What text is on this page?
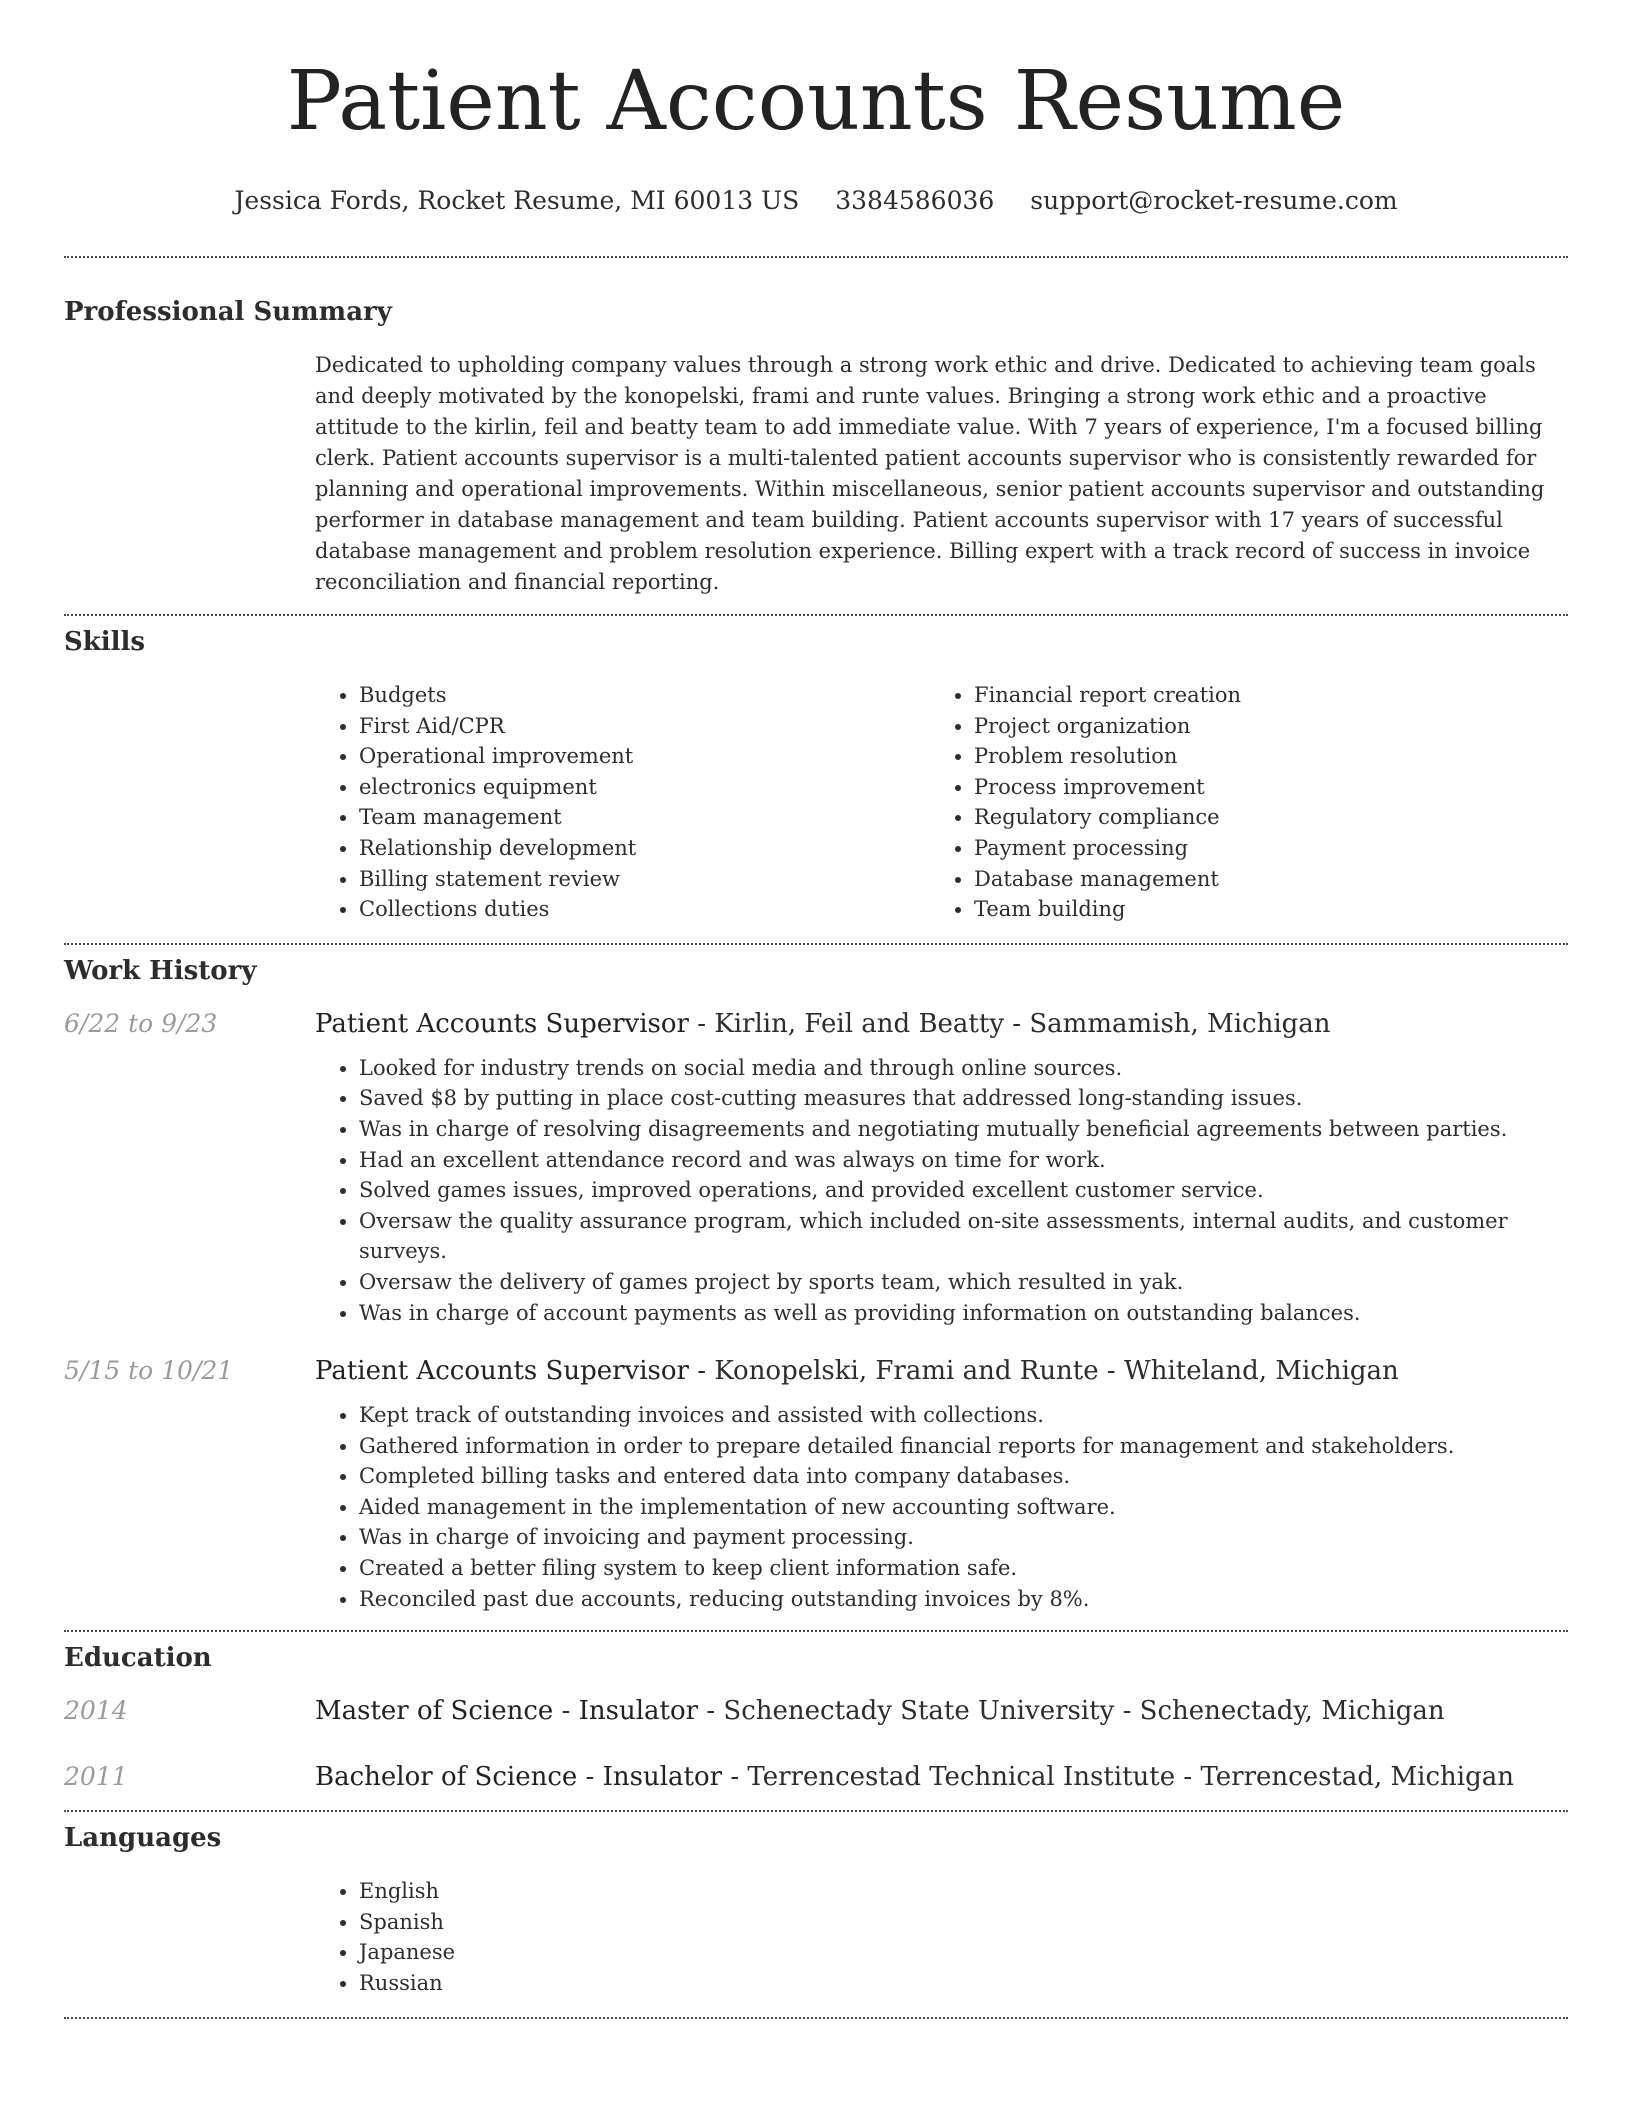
Patient Accounts Resume
Jessica Fords, Rocket Resume, MI 60013 US 3384586036 support@rocket-resume.com
Professional Summary

Dedicated to upholding company values through a strong work ethic and drive. Dedicated to achieving team goals and deeply motivated by the konopelski, frami and runte values. Bringing a strong work ethic and a proactive attitude to the kirlin, feil and beatty team to add immediate value. With 7 years of experience, I'm a focused billing clerk. Patient accounts supervisor is a multi-talented patient accounts supervisor who is consistently rewarded for planning and operational improvements. Within miscellaneous, senior patient accounts supervisor and outstanding performer in database management and team building. Patient accounts supervisor with 17 years of successful database management and problem resolution experience. Billing expert with a track record of success in invoice reconciliation and financial reporting.

Skills
• Budgets
• First Aid/CPR
• Operational improvement
• electronics equipment
• Team management
• Relationship development
• Billing statement review
• Collections duties
• Financial report creation
• Project organization
• Problem resolution
• Process improvement
• Regulatory compliance
• Payment processing
• Database management
• Team building
Work History
6/22 to 9/23	Patient Accounts Supervisor - Kirlin, Feil and Beatty - Sammamish, Michigan
• Looked for industry trends on social media and through online sources.
• Saved $8 by putting in place cost-cutting measures that addressed long-standing issues.
• Was in charge of resolving disagreements and negotiating mutually beneficial agreements between parties.
• Had an excellent attendance record and was always on time for work.
• Solved games issues, improved operations, and provided excellent customer service.
• Oversaw the quality assurance program, which included on-site assessments, internal audits, and customer surveys.
• Oversaw the delivery of games project by sports team, which resulted in yak.
• Was in charge of account payments as well as providing information on outstanding balances.
5/15 to 10/21	Patient Accounts Supervisor - Konopelski, Frami and Runte - Whiteland, Michigan
• Kept track of outstanding invoices and assisted with collections.
• Gathered information in order to prepare detailed financial reports for management and stakeholders.
• Completed billing tasks and entered data into company databases.
• Aided management in the implementation of new accounting software.
• Was in charge of invoicing and payment processing.
• Created a better filing system to keep client information safe.
• Reconciled past due accounts, reducing outstanding invoices by 8%.
Education
2014	Master of Science - Insulator - Schenectady State University - Schenectady, Michigan
2011	Bachelor of Science - Insulator - Terrencestad Technical Institute - Terrencestad, Michigan
Languages
• English
• Spanish
• Japanese
• Russian
